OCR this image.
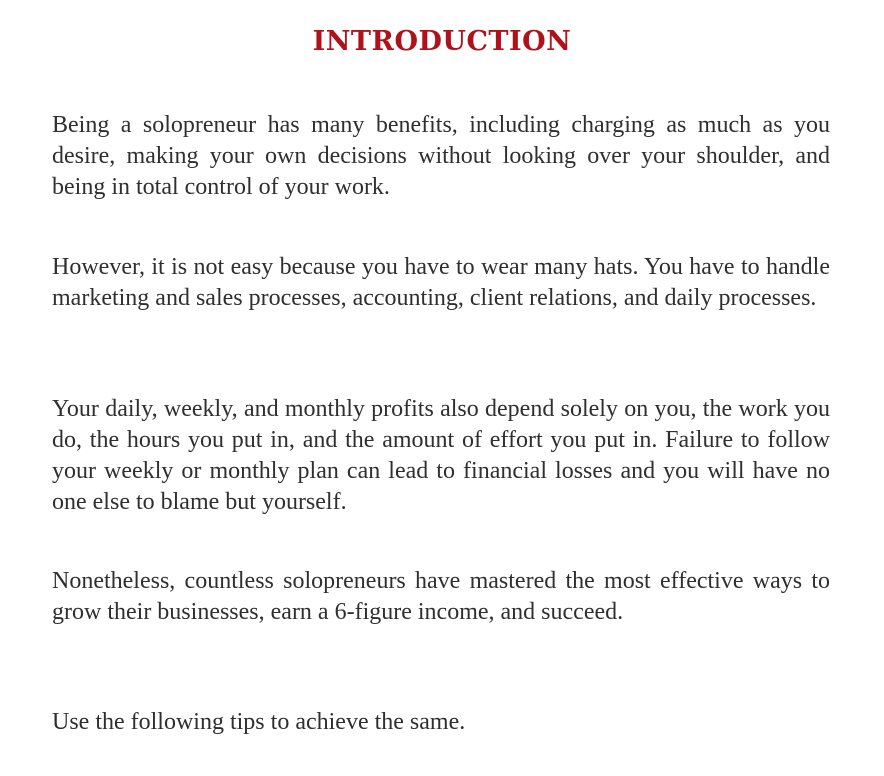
INTRODUCTION

Being a solopreneur has many benefits, including charging as much as you desire, making your own decisions without looking over your shoulder, and being in total control of your work.

However, it is not easy because you have to wear many hats. You have to handle marketing and sales processes, accounting, client relations, and daily processes.

Your daily, weekly, and monthly profits also depend solely on you, the work you do, the hours you put in, and the amount of effort you put in. Failure to follow your weekly or monthly plan can lead to financial losses and you will have no one else to blame but yourself.

Nonetheless, countless solopreneurs have mastered the most effective ways to grow their businesses, earn a 6-figure income, and succeed.

Use the following tips to achieve the same.
